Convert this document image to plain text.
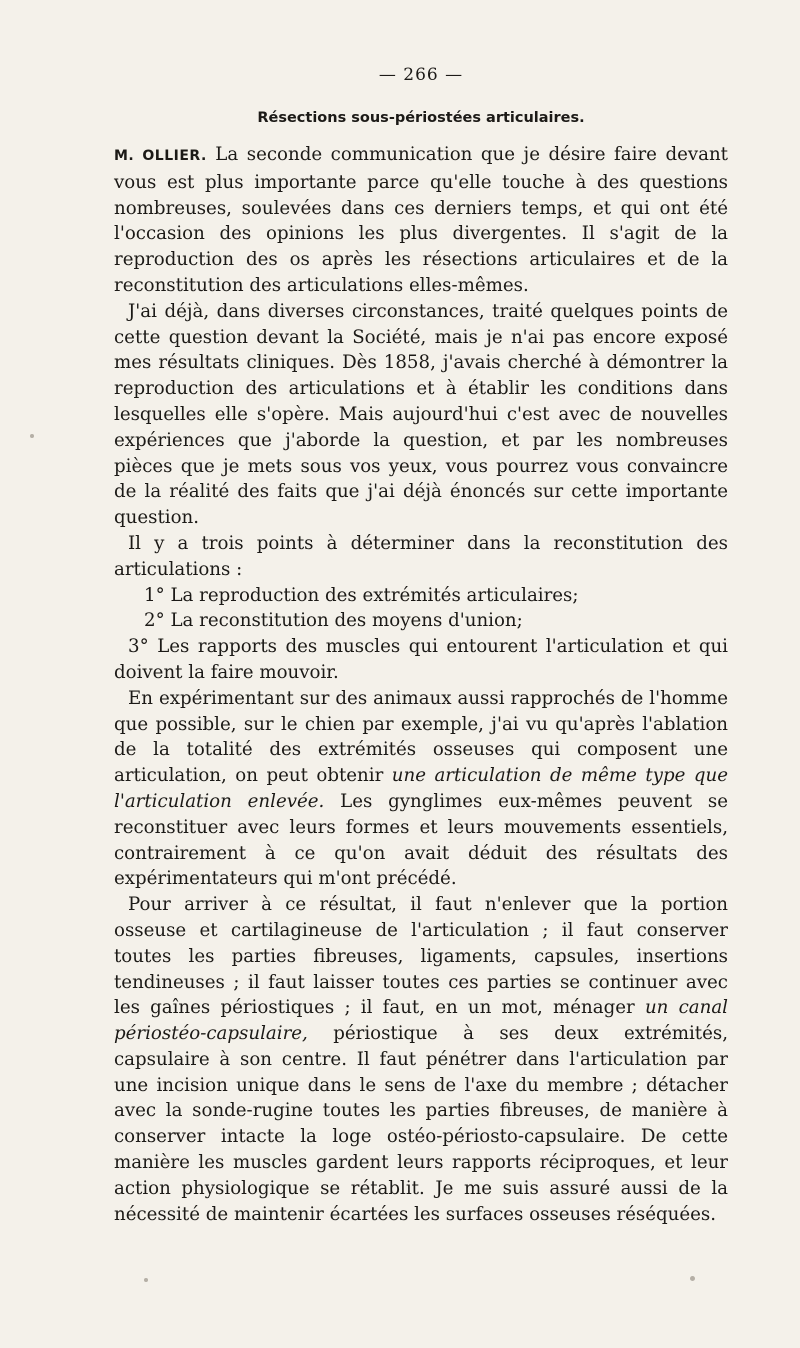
— 266 —
Résections sous-périostées articulaires.

M. OLLIER. La seconde communication que je désire faire devant vous est plus importante parce qu'elle touche à des questions nombreuses, soulevées dans ces derniers temps, et qui ont été l'occasion des opinions les plus divergentes. Il s'agit de la reproduction des os après les résections articulaires et de la reconstitution des articulations elles-mêmes.

J'ai déjà, dans diverses circonstances, traité quelques points de cette question devant la Société, mais je n'ai pas encore exposé mes résultats cliniques. Dès 1858, j'avais cherché à démontrer la reproduction des articulations et à établir les conditions dans lesquelles elle s'opère. Mais aujourd'hui c'est avec de nouvelles expériences que j'aborde la question, et par les nombreuses pièces que je mets sous vos yeux, vous pourrez vous convaincre de la réalité des faits que j'ai déjà énoncés sur cette importante question.

Il y a trois points à déterminer dans la reconstitution des articulations :

1° La reproduction des extrémités articulaires;

2° La reconstitution des moyens d'union;

3° Les rapports des muscles qui entourent l'articulation et qui doivent la faire mouvoir.

En expérimentant sur des animaux aussi rapprochés de l'homme que possible, sur le chien par exemple, j'ai vu qu'après l'ablation de la totalité des extrémités osseuses qui composent une articulation, on peut obtenir une articulation de même type que l'articulation enlevée. Les gynglimes eux-mêmes peuvent se reconstituer avec leurs formes et leurs mouvements essentiels, contrairement à ce qu'on avait déduit des résultats des expérimentateurs qui m'ont précédé.

Pour arriver à ce résultat, il faut n'enlever que la portion osseuse et cartilagineuse de l'articulation ; il faut conserver toutes les parties fibreuses, ligaments, capsules, insertions tendineuses ; il faut laisser toutes ces parties se continuer avec les gaînes périostiques ; il faut, en un mot, ménager un canal périostéo-capsulaire, périostique à ses deux extrémités, capsulaire à son centre. Il faut pénétrer dans l'articulation par une incision unique dans le sens de l'axe du membre ; détacher avec la sonde-rugine toutes les parties fibreuses, de manière à conserver intacte la loge ostéo-périosto-capsulaire. De cette manière les muscles gardent leurs rapports réciproques, et leur action physiologique se rétablit. Je me suis assuré aussi de la nécessité de maintenir écartées les surfaces osseuses réséquées.
